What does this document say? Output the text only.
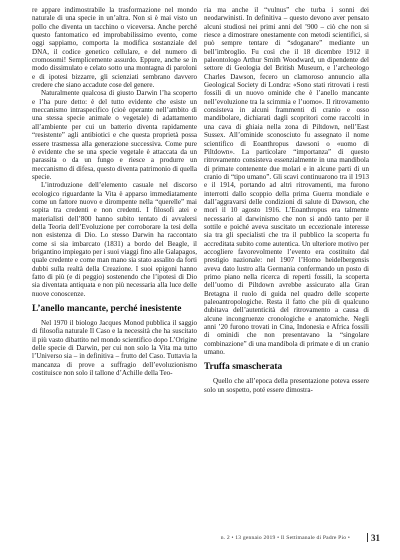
re appare indimostrabile la trasformazione nel mondo naturale di una specie in un’altra. Non si è mai visto un pollo che diventa un tacchino o viceversa. Anche perché questo fantomatico ed improbabilissimo evento, come oggi sappiamo, comporta la modifica sostanziale del DNA, il codice genetico cellulare, e del numero di cromosomi! Semplicemente assurdo. Eppure, anche se in modo dissimulato e celato sotto una montagna di paroloni e di ipotesi bizzarre, gli scienziati sembrano davvero credere che siano accadute cose del genere.

Naturalmente qualcosa di giusto Darwin l’ha scoperto e l’ha pure detto: è del tutto evidente che esiste un meccanismo intraspecifico (cioè operante nell’ambito di una stessa specie animale o vegetale) di adattamento all’ambiente per cui un batterio diventa rapidamente “resistente” agli antibiotici e che questa proprietà possa essere trasmessa alla generazione successiva. Come pure è evidente che se una specie vegetale è attaccata da un parassita o da un fungo e riesce a produrre un meccanismo di difesa, questo diventa patrimonio di quella specie.

L’introduzione dell’elemento casuale nel discorso ecologico riguardante la Vita è apparso immediatamente come un fattore nuovo e dirompente nella “querelle” mai sopita tra credenti e non credenti. I filosofi atei e materialisti dell’800 hanno subito tentato di avvalersi della Teoria dell’Evoluzione per corroborare la tesi della non esistenza di Dio. Lo stesso Darwin ha raccontato come si sia imbarcato (1831) a bordo del Beagle, il brigantino impiegato per i suoi viaggi fino alle Galapagos, quale credente e come man mano sia stato assalito da forti dubbi sulla realtà della Creazione. I suoi epigoni hanno fatto di più (e di peggio) sostenendo che l’ipotesi di Dio sia diventata antiquata e non più necessaria alla luce delle nuove conoscenze.

L’anello mancante, perché inesistente

Nel 1970 il biologo Jacques Monod pubblica il saggio di filosofia naturale Il Caso e la necessità che ha suscitato il più vasto dibattito nel mondo scientifico dopo L’Origine delle specie di Darwin, per cui non solo la Vita ma tutto l’Universo sia – in definitiva – frutto del Caso. Tuttavia la mancanza di prove a suffragio dell’evoluzionismo costituisce non solo il tallone d’Achille della Teo-

ria ma anche il “vulnus” che turba i sonni dei neodarwinisti. In definitiva – questo devono aver pensato alcuni studiosi nei primi anni del ’900 – ciò che non si riesce a dimostrare onestamente con metodi scientifici, si può sempre tentare di “sdoganare” mediante un bell’imbroglio. Fu così che il 18 dicembre 1912 il paleontologo Arthur Smith Woodward, un dipendente del settore di Geologia del British Museum, e l’archeologo Charles Dawson, fecero un clamoroso annuncio alla Geological Society di Londra: «Sono stati ritrovati i resti fossili di un nuovo ominide che è l’anello mancante nell’evoluzione tra la scimmia e l’uomo». Il ritrovamento consisteva in alcuni frammenti di cranio e osso mandibolare, dichiarati dagli scopritori come raccolti in una cava di ghiaia nella zona di Piltdown, nell’East Sussex. All’ominide sconosciuto fu assegnato il nome scientifico di Eoanthropus dawsoni o «uomo di Piltdown». La particolare “importanza” di questo ritrovamento consisteva essenzialmente in una mandibola di primate contenente due molari e in alcune parti di un cranio di “tipo umano”. Gli scavi continuarono tra il 1913 e il 1914, portando ad altri ritrovamenti, ma furono interrotti dallo scoppio della prima Guerra mondiale e dall’aggravarsi delle condizioni di salute di Dawson, che morì il 10 agosto 1916. L’Eoanthropus era talmente necessario al darwinismo che non si andò tanto per il sottile e poiché aveva suscitato un eccezionale interesse sia tra gli specialisti che tra il pubblico la scoperta fu accreditata subito come autentica. Un ulteriore motivo per accogliere favorevolmente l’evento era costituito dal prestigio nazionale: nel 1907 l’Homo heidelbergensis aveva dato lustro alla Germania confermando un posto di primo piano nella ricerca di reperti fossili, la scoperta dell’uomo di Piltdown avrebbe assicurato alla Gran Bretagna il ruolo di guida nel quadro delle scoperte paleoantropologiche. Resta il fatto che più di qualcuno dubitava dell’autenticità del ritrovamento a causa di alcune incongruenze cronologiche e anatomiche. Negli anni ’20 furono trovati in Cina, Indonesia e Africa fossili di ominidi che non presentavano la “singolare combinazione” di una mandibola di primate e di un cranio umano.

Truffa smascherata

Quello che all’epoca della presentazione poteva essere solo un sospetto, poté essere dimostra-

n. 2 • 13 gennaio 2019 • Il Settimanale di Padre Pio •	31
